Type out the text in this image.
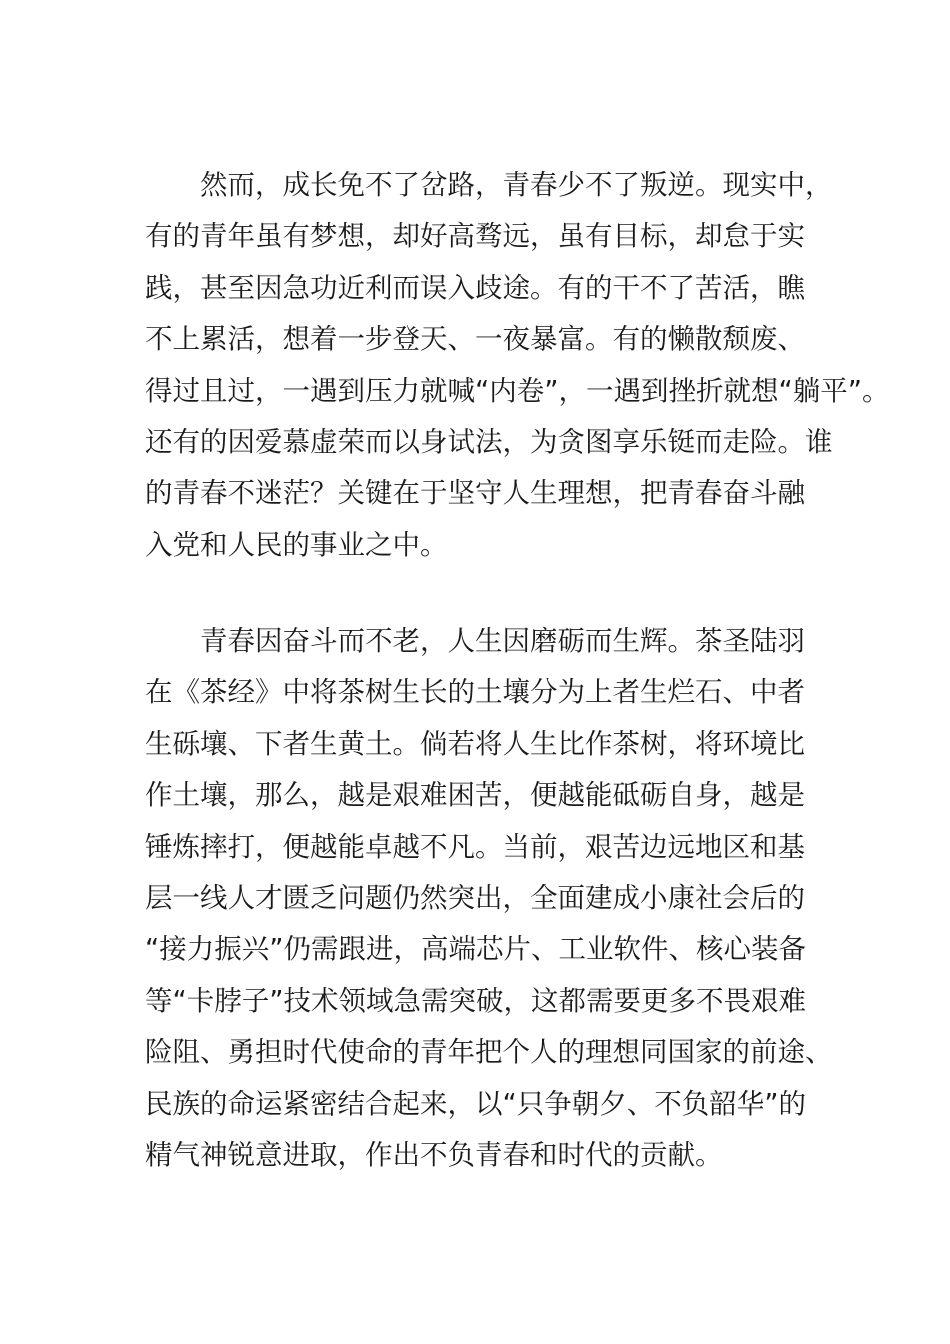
然而，成长免不了岔路，青春少不了叛逆。现实中，
有的青年虽有梦想，却好高骛远，虽有目标，却怠于实
践，甚至因急功近利而误入歧途。有的干不了苦活，瞧
不上累活，想着一步登天、一夜暴富。有的懒散颓废、
得过且过，一遇到压力就喊“内卷”，一遇到挫折就想“躺平”。
还有的因爱慕虚荣而以身试法，为贪图享乐铤而走险。谁
的青春不迷茫？关键在于坚守人生理想，把青春奋斗融
入党和人民的事业之中。
青春因奋斗而不老，人生因磨砺而生辉。茶圣陆羽
在《茶经》中将茶树生长的土壤分为上者生烂石、中者
生砾壤、下者生黄土。倘若将人生比作茶树，将环境比
作土壤，那么，越是艰难困苦，便越能砥砺自身，越是
锤炼摔打，便越能卓越不凡。当前，艰苦边远地区和基
层一线人才匮乏问题仍然突出，全面建成小康社会后的
“接力振兴”仍需跟进，高端芯片、工业软件、核心装备
等“卡脖子”技术领域急需突破，这都需要更多不畏艰难
险阻、勇担时代使命的青年把个人的理想同国家的前途、
民族的命运紧密结合起来，以“只争朝夕、不负韶华”的
精气神锐意进取，作出不负青春和时代的贡献。
